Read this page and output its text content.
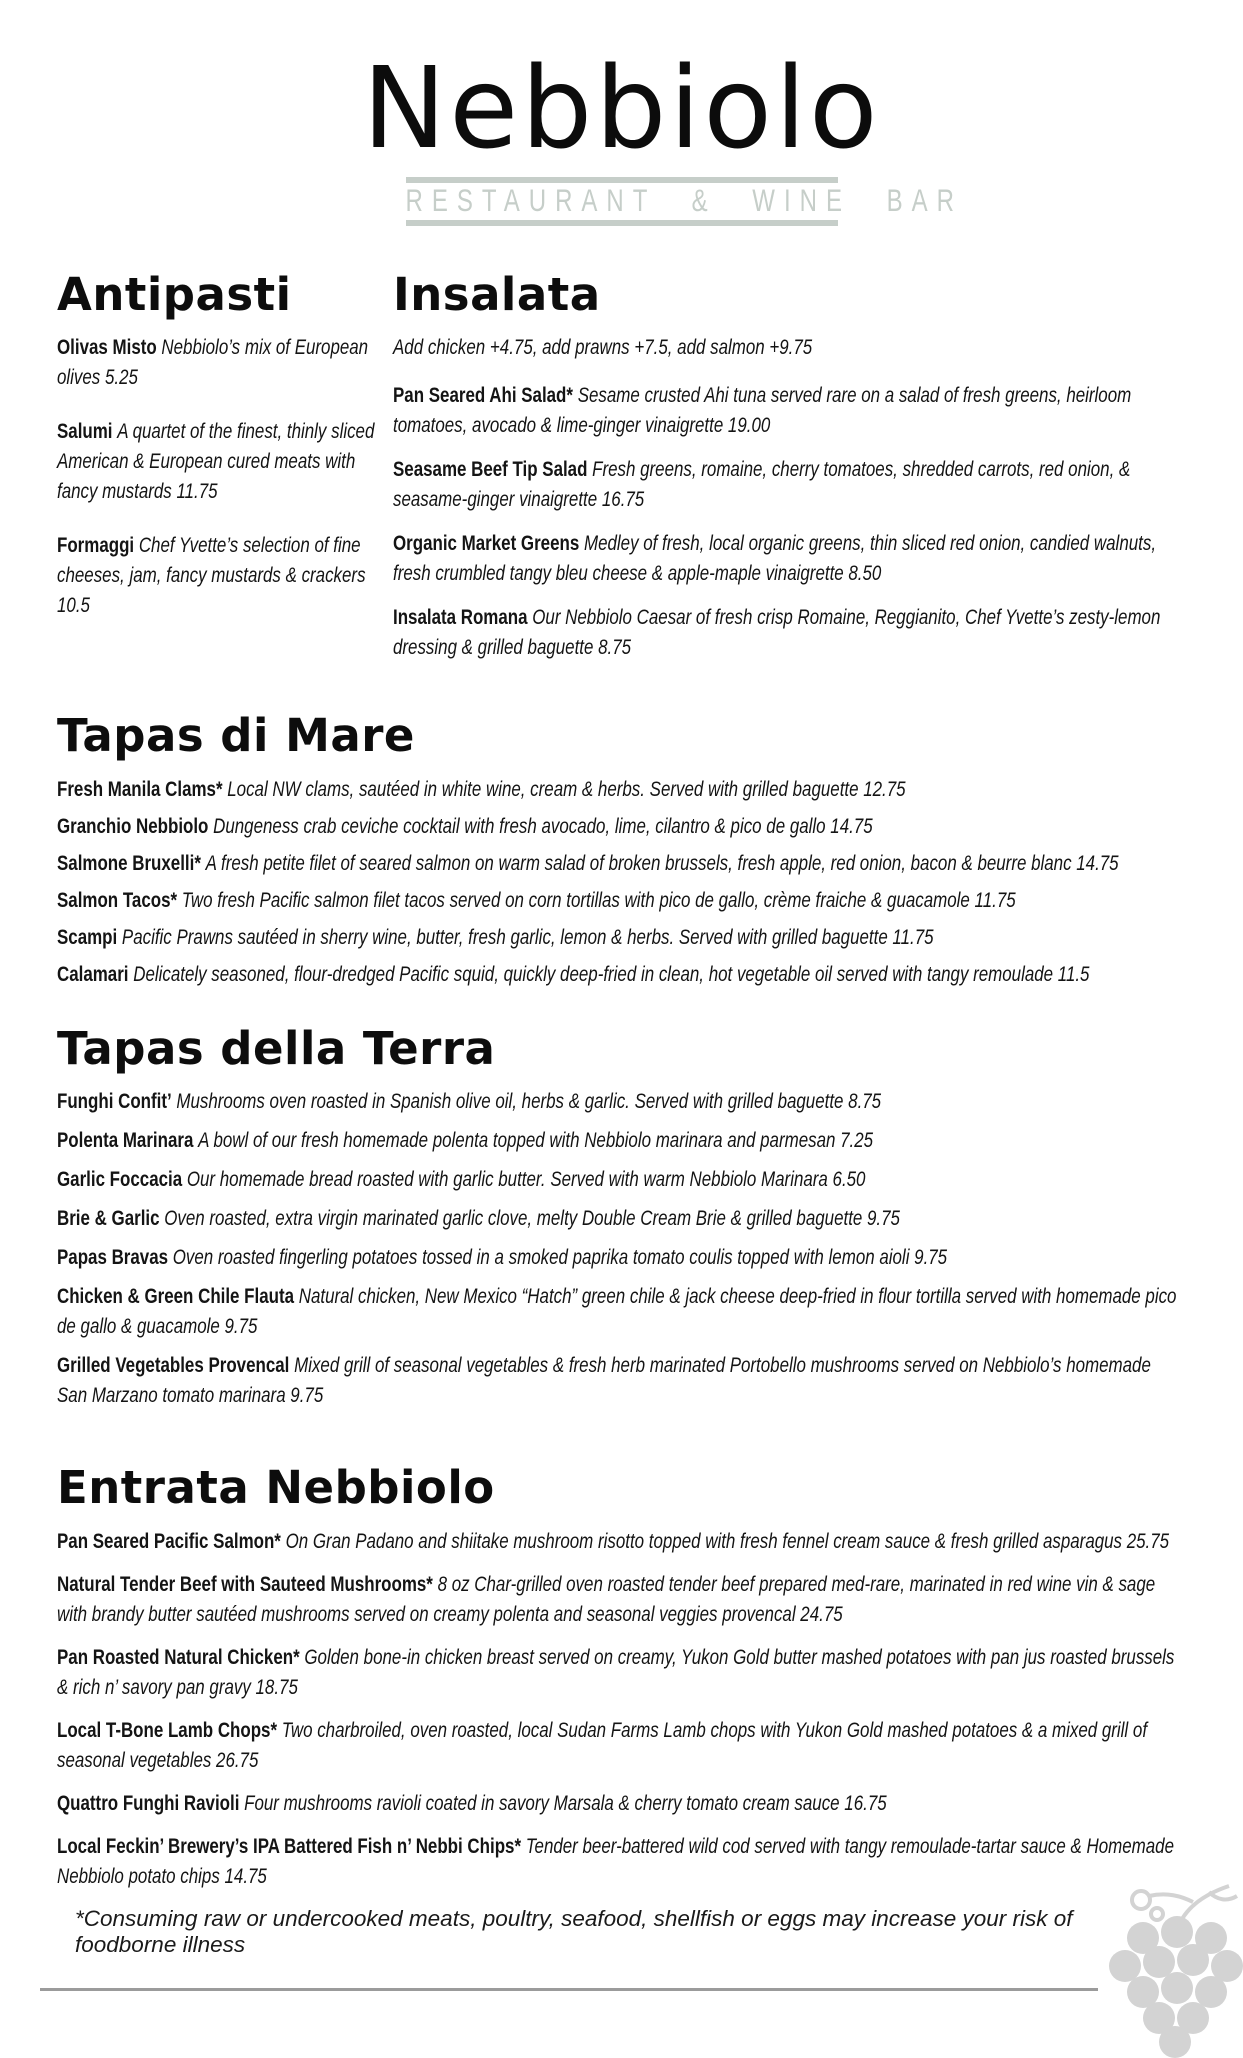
Nebbiolo
RESTAURANT & WINE BAR
Antipasti

Olivas Misto Nebbiolo’s mix of European olives 5.25

Salumi A quartet of the finest, thinly sliced American & European cured meats with fancy mustards 11.75

Formaggi Chef Yvette’s selection of fine cheeses, jam, fancy mustards & crackers 10.5

Insalata

Add chicken +4.75, add prawns +7.5, add salmon +9.75

Pan Seared Ahi Salad* Sesame crusted Ahi tuna served rare on a salad of fresh greens, heirloom tomatoes, avocado & lime-ginger vinaigrette 19.00

Seasame Beef Tip Salad Fresh greens, romaine, cherry tomatoes, shredded carrots, red onion, & seasame-ginger vinaigrette 16.75

Organic Market Greens Medley of fresh, local organic greens, thin sliced red onion, candied walnuts, fresh crumbled tangy bleu cheese & apple-maple vinaigrette 8.50

Insalata Romana Our Nebbiolo Caesar of fresh crisp Romaine, Reggianito, Chef Yvette’s zesty-lemon dressing & grilled baguette 8.75

Tapas di Mare

Fresh Manila Clams* Local NW clams, sautéed in white wine, cream & herbs. Served with grilled baguette 12.75

Granchio Nebbiolo Dungeness crab ceviche cocktail with fresh avocado, lime, cilantro & pico de gallo 14.75

Salmone Bruxelli* A fresh petite filet of seared salmon on warm salad of broken brussels, fresh apple, red onion, bacon & beurre blanc 14.75

Salmon Tacos* Two fresh Pacific salmon filet tacos served on corn tortillas with pico de gallo, crème fraiche & guacamole 11.75

Scampi Pacific Prawns sautéed in sherry wine, butter, fresh garlic, lemon & herbs. Served with grilled baguette 11.75

Calamari Delicately seasoned, flour-dredged Pacific squid, quickly deep-fried in clean, hot vegetable oil served with tangy remoulade 11.5

Tapas della Terra

Funghi Confit’ Mushrooms oven roasted in Spanish olive oil, herbs & garlic. Served with grilled baguette 8.75

Polenta Marinara A bowl of our fresh homemade polenta topped with Nebbiolo marinara and parmesan 7.25

Garlic Foccacia Our homemade bread roasted with garlic butter. Served with warm Nebbiolo Marinara 6.50

Brie & Garlic Oven roasted, extra virgin marinated garlic clove, melty Double Cream Brie & grilled baguette 9.75

Papas Bravas Oven roasted fingerling potatoes tossed in a smoked paprika tomato coulis topped with lemon aioli 9.75

Chicken & Green Chile Flauta Natural chicken, New Mexico “Hatch” green chile & jack cheese deep-fried in flour tortilla served with homemade pico de gallo & guacamole 9.75

Grilled Vegetables Provencal Mixed grill of seasonal vegetables & fresh herb marinated Portobello mushrooms served on Nebbiolo’s homemade San Marzano tomato marinara 9.75

Entrata Nebbiolo

Pan Seared Pacific Salmon* On Gran Padano and shiitake mushroom risotto topped with fresh fennel cream sauce & fresh grilled asparagus 25.75

Natural Tender Beef with Sauteed Mushrooms* 8 oz Char-grilled oven roasted tender beef prepared med-rare, marinated in red wine vin & sage with brandy butter sautéed mushrooms served on creamy polenta and seasonal veggies provencal 24.75

Pan Roasted Natural Chicken* Golden bone-in chicken breast served on creamy, Yukon Gold butter mashed potatoes with pan jus roasted brussels & rich n’ savory pan gravy 18.75

Local T-Bone Lamb Chops* Two charbroiled, oven roasted, local Sudan Farms Lamb chops with Yukon Gold mashed potatoes & a mixed grill of seasonal vegetables 26.75

Quattro Funghi Ravioli Four mushrooms ravioli coated in savory Marsala & cherry tomato cream sauce 16.75

Local Feckin’ Brewery’s IPA Battered Fish n’ Nebbi Chips* Tender beer-battered wild cod served with tangy remoulade-tartar sauce & Homemade Nebbiolo potato chips 14.75

*Consuming raw or undercooked meats, poultry, seafood, shellfish or eggs may increase your risk of foodborne illness
